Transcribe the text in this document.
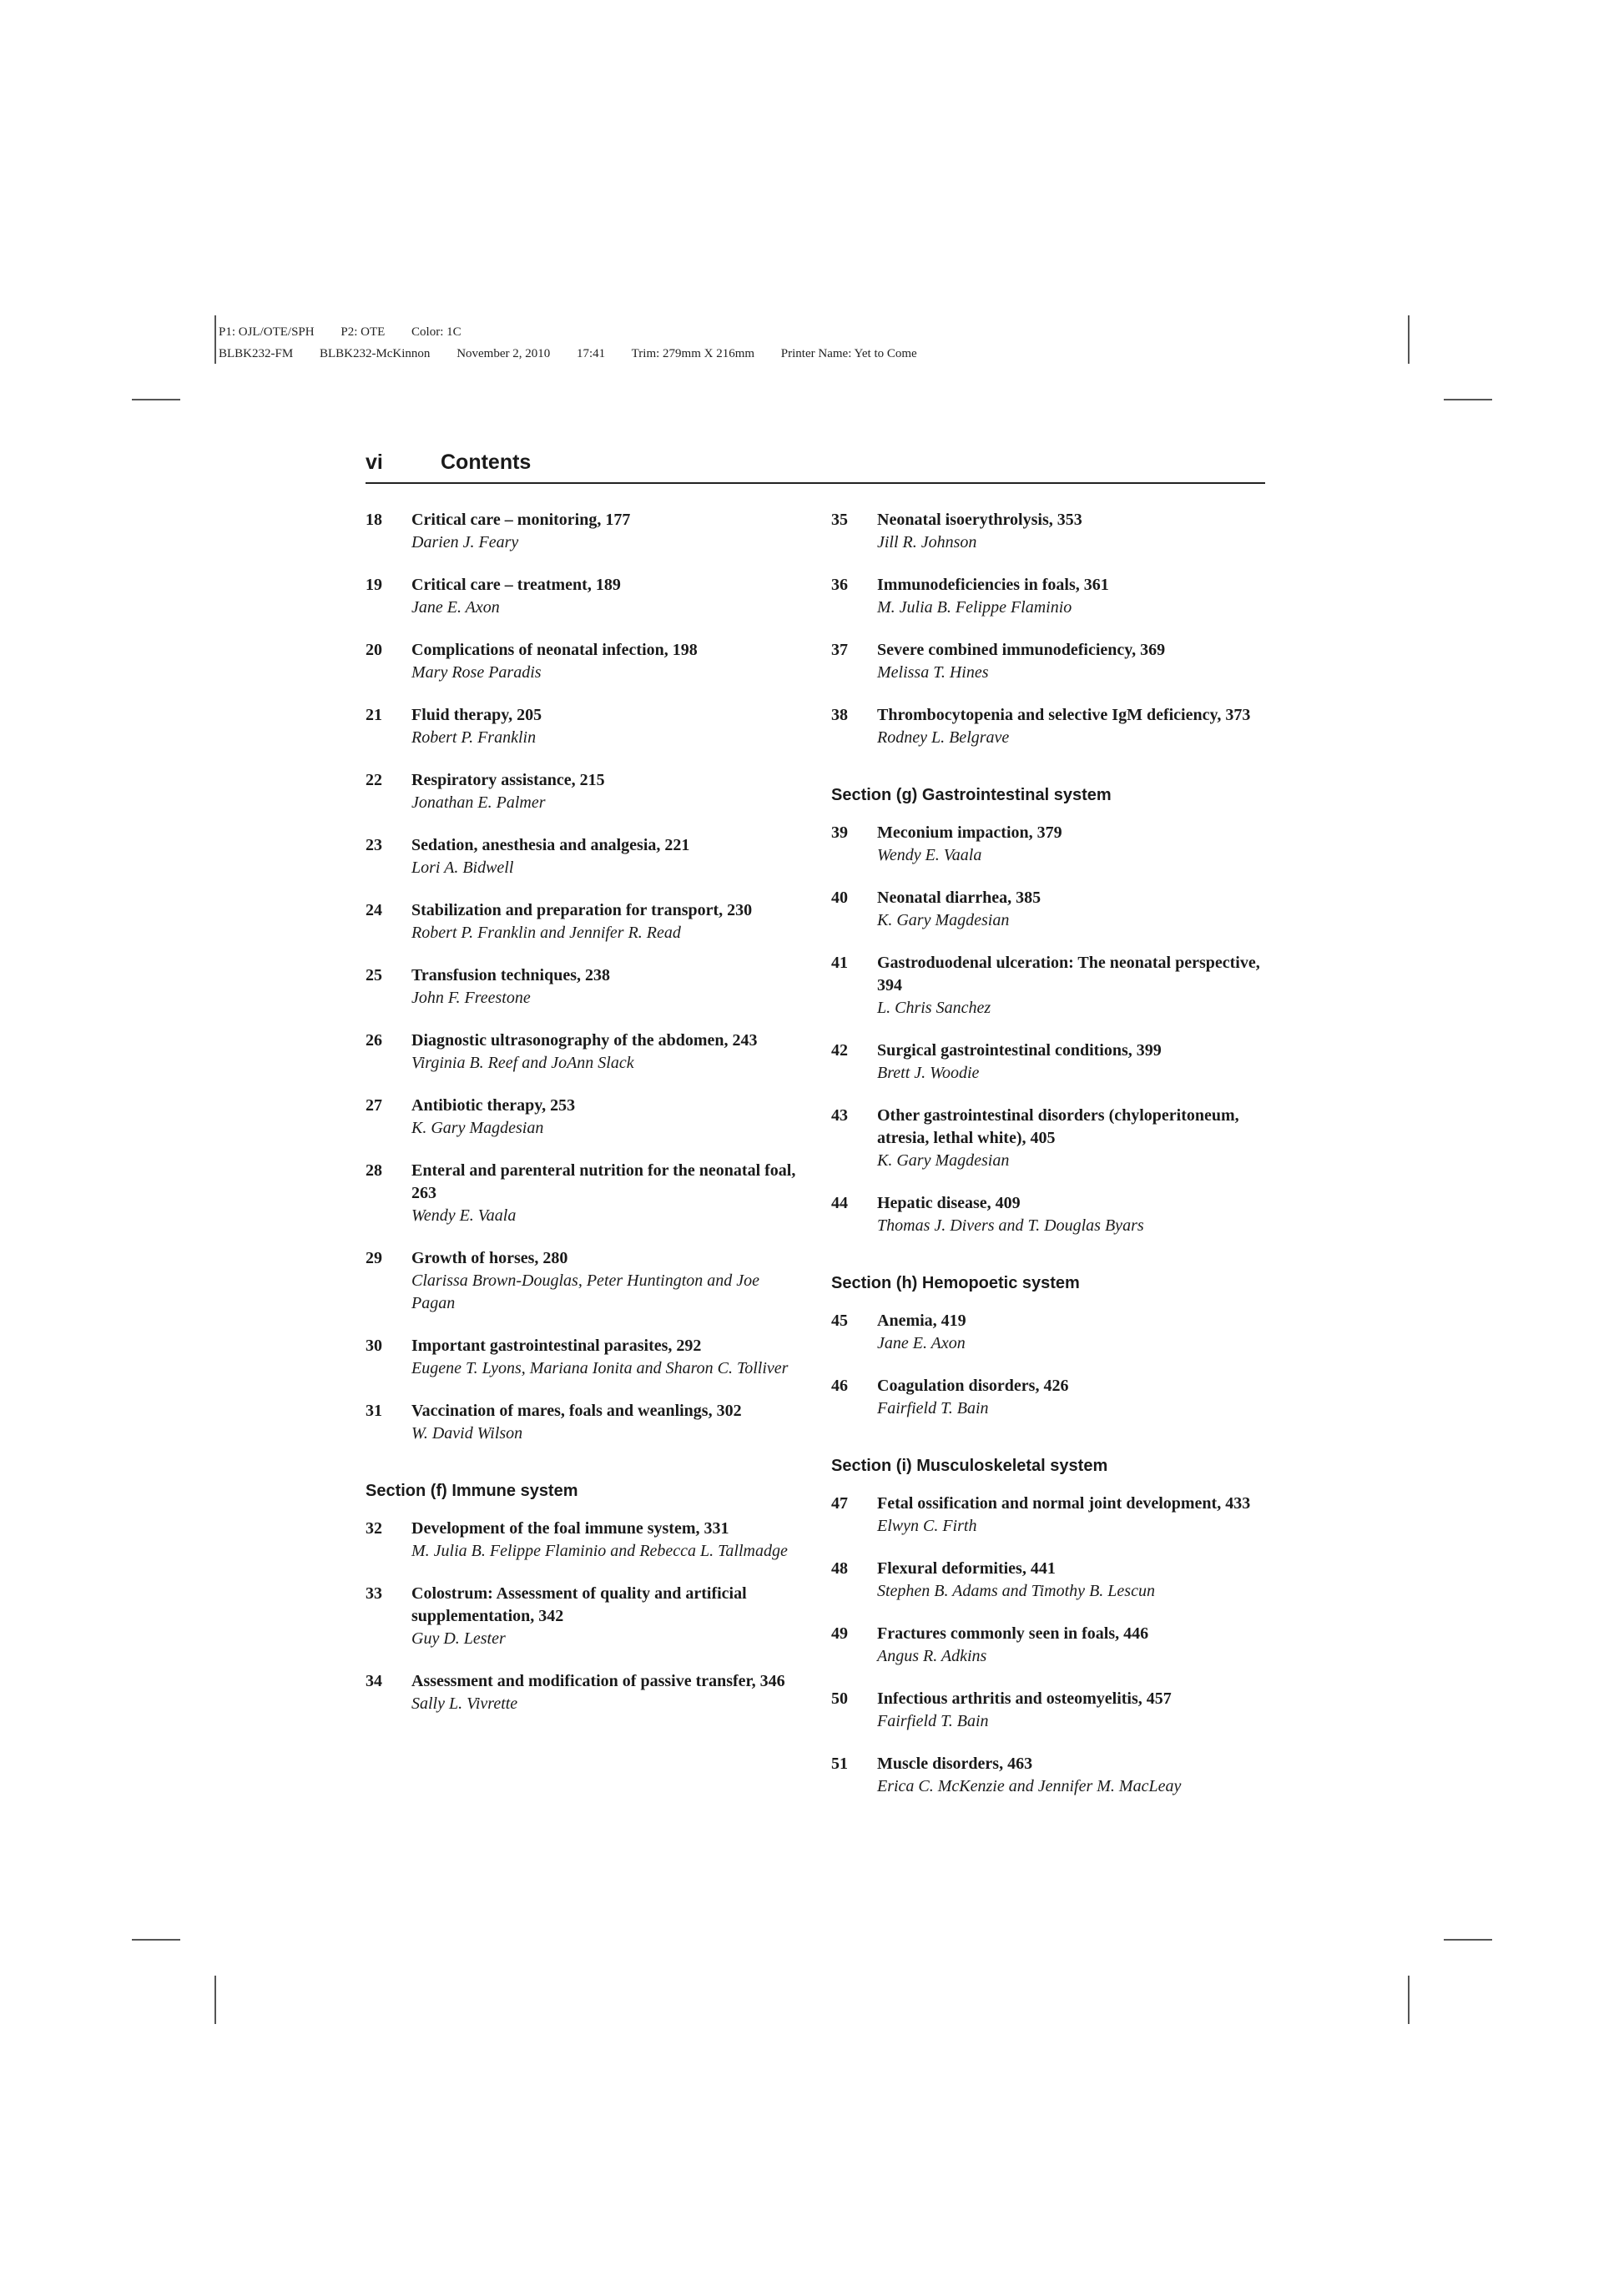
P1: OJL/OTE/SPH P2: OTE Color: 1C
BLBK232-FM BLBK232-McKinnon November 2, 2010 17:41 Trim: 279mm X 216mm Printer Name: Yet to Come
vi	Contents
18 Critical care – monitoring, 177
Darien J. Feary
19 Critical care – treatment, 189
Jane E. Axon
20 Complications of neonatal infection, 198
Mary Rose Paradis
21 Fluid therapy, 205
Robert P. Franklin
22 Respiratory assistance, 215
Jonathan E. Palmer
23 Sedation, anesthesia and analgesia, 221
Lori A. Bidwell
24 Stabilization and preparation for transport, 230
Robert P. Franklin and Jennifer R. Read
25 Transfusion techniques, 238
John F. Freestone
26 Diagnostic ultrasonography of the abdomen, 243
Virginia B. Reef and JoAnn Slack
27 Antibiotic therapy, 253
K. Gary Magdesian
28 Enteral and parenteral nutrition for the neonatal foal, 263
Wendy E. Vaala
29 Growth of horses, 280
Clarissa Brown-Douglas, Peter Huntington and Joe Pagan
30 Important gastrointestinal parasites, 292
Eugene T. Lyons, Mariana Ionita and Sharon C. Tolliver
31 Vaccination of mares, foals and weanlings, 302
W. David Wilson
Section (f) Immune system
32 Development of the foal immune system, 331
M. Julia B. Felippe Flaminio and Rebecca L. Tallmadge
33 Colostrum: Assessment of quality and artificial supplementation, 342
Guy D. Lester
34 Assessment and modification of passive transfer, 346
Sally L. Vivrette
35 Neonatal isoerythrolysis, 353
Jill R. Johnson
36 Immunodeficiencies in foals, 361
M. Julia B. Felippe Flaminio
37 Severe combined immunodeficiency, 369
Melissa T. Hines
38 Thrombocytopenia and selective IgM deficiency, 373
Rodney L. Belgrave
Section (g) Gastrointestinal system
39 Meconium impaction, 379
Wendy E. Vaala
40 Neonatal diarrhea, 385
K. Gary Magdesian
41 Gastroduodenal ulceration: The neonatal perspective, 394
L. Chris Sanchez
42 Surgical gastrointestinal conditions, 399
Brett J. Woodie
43 Other gastrointestinal disorders (chyloperitoneum, atresia, lethal white), 405
K. Gary Magdesian
44 Hepatic disease, 409
Thomas J. Divers and T. Douglas Byars
Section (h) Hemopoetic system
45 Anemia, 419
Jane E. Axon
46 Coagulation disorders, 426
Fairfield T. Bain
Section (i) Musculoskeletal system
47 Fetal ossification and normal joint development, 433
Elwyn C. Firth
48 Flexural deformities, 441
Stephen B. Adams and Timothy B. Lescun
49 Fractures commonly seen in foals, 446
Angus R. Adkins
50 Infectious arthritis and osteomyelitis, 457
Fairfield T. Bain
51 Muscle disorders, 463
Erica C. McKenzie and Jennifer M. MacLeay
